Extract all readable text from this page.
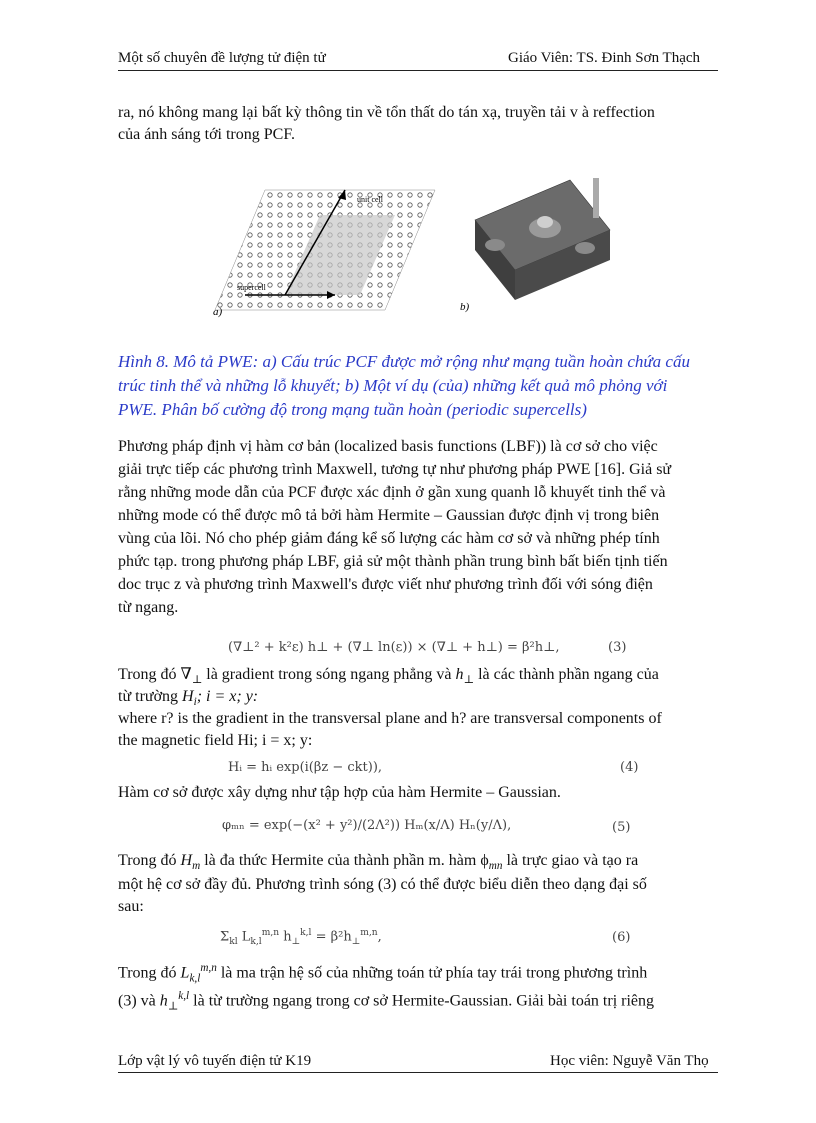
Một số chuyên đề lượng tử điện tử	Giáo Viên: TS. Đinh Sơn Thạch
ra, nó không mang lại bất kỳ thông tin về tổn thất do tán xạ, truyền tải v à reffection
của ánh sáng tới trong PCF.
unit cell
supercell
a)	b)
Hình 8. Mô tả PWE: a) Cấu trúc PCF được mở rộng như mạng tuần hoàn chứa cấu
trúc tinh thể và những lỗ khuyết; b) Một ví dụ (của) những kết quả mô phỏng với
PWE. Phân bố cường độ trong mạng tuần hoàn (periodic supercells)
Phương pháp định vị hàm cơ bản (localized basis functions (LBF)) là cơ sở cho việc
giải trực tiếp các phương trình Maxwell, tương tự như phương pháp PWE [16]. Giả sử
rằng những mode dẫn của PCF được xác định ở gần xung quanh lỗ khuyết tinh thể và
những mode có thể được mô tả bởi hàm Hermite – Gaussian được định vị trong biên
vùng của lõi. Nó cho phép giảm đáng kể số lượng các hàm cơ sở và những phép tính
phức tạp. trong phương pháp LBF, giả sử một thành phần trung bình bất biến tịnh tiến
doc trục z và phương trình Maxwell's được viết như phương trình đối với sóng điện
từ ngang.
(∇⊥² + k²ε) h⊥ + (∇⊥ ln(ε)) × (∇⊥ + h⊥) = β²h⊥,	(3)
Trong đó $\nabla_\perp$ là gradient trong sóng ngang phẳng và $h_\perp$ là các thành phần ngang của
từ trường $H_i$; i = x; y:
where r? is the gradient in the transversal plane and h? are transversal components of
the magnetic field Hi; i = x; y:
Hᵢ = hᵢ exp(i(βz − ckt)),	(4)
Hàm cơ sở được xây dựng như tập hợp của hàm Hermite – Gaussian.
φₘₙ = exp(−(x² + y²)/(2Λ²)) Hₘ(x/Λ) Hₙ(y/Λ),	(5)
Trong đó $H_m$ là đa thức Hermite của thành phần m. hàm $\phi_{mn}$ là trực giao và tạo ra
một hệ cơ sở đầy đủ. Phương trình sóng (3) có thể được biểu diễn theo dạng đại số
sau:
$\Sigma_{kl}$ $L_{k,l}^{m,n}$ $h_\perp^{k,l} = \beta^2h_\perp^{m,n}$,	(6)
Trong đó $L_{k,l}^{m,n}$ là ma trận hệ số của những toán tử phía tay trái trong phương trình
(3) và $h_\perp^{k,l}$ là từ trường ngang trong cơ sở Hermite-Gaussian. Giải bài toán trị riêng
Lớp vật lý vô tuyến điện tử K19	Học viên: Nguyễ Văn Thọ
